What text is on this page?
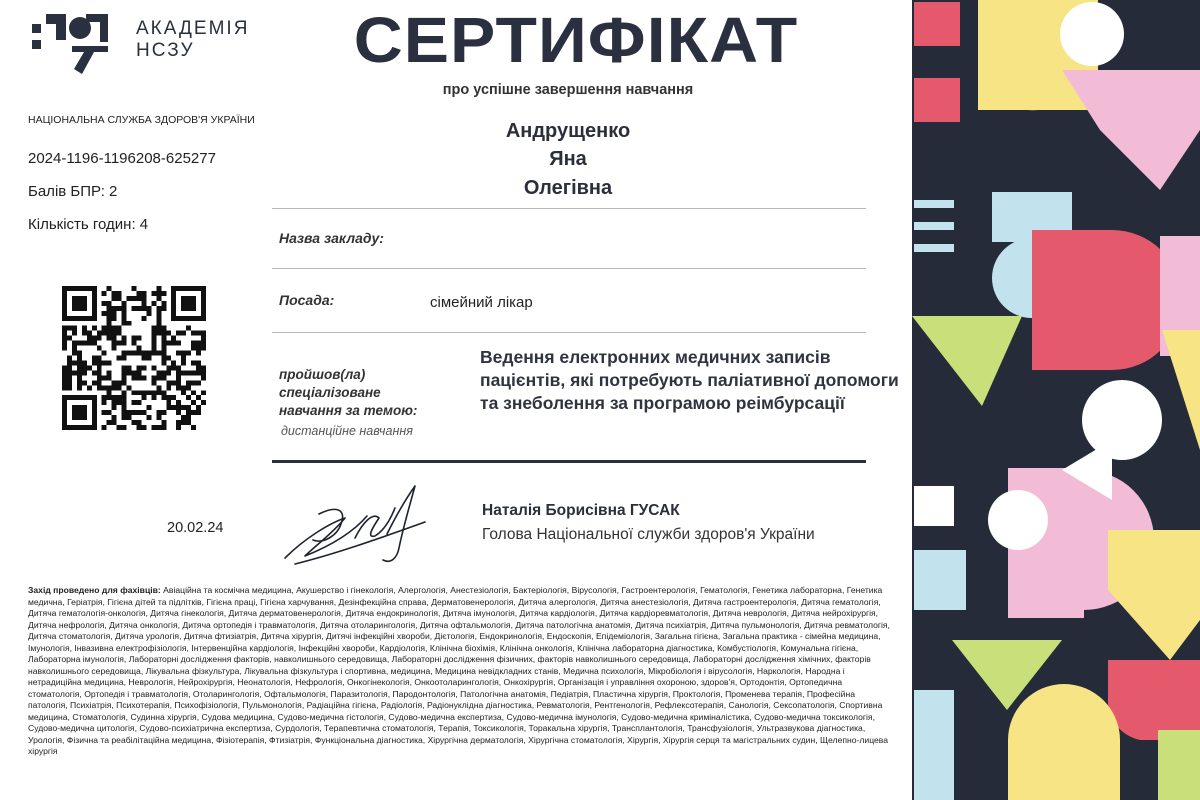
АКАДЕМІЯ
НСЗУ
НАЦІОНАЛЬНА СЛУЖБА ЗДОРОВ'Я УКРАЇНИ
2024-1196-1196208-625277
Балів БПР: 2
Кількість годин: 4
20.02.24
СЕРТИФІКАТ
про успішне завершення навчання
Андрущенко
Яна
Олегівна
Назва закладу:
Посада:	сімейний лікар
пройшов(ла)
спеціалізоване
навчання за темою:
дистанційне навчання
Ведення електронних медичних записів пацієнтів, які потребують паліативної допомоги та знеболення за програмою реімбурсації
Наталія Борисівна ГУСАК
Голова Національної служби здоров'я України
Захід проведено для фахівців: Авіаційна та космічна медицина, Акушерство і гінекологія, Алергологія, Анестезіологія, Бактеріологія, Вірусологія, Гастроентерологія, Гематологія, Генетика лабораторна, Генетика медична, Геріатрія, Гігієна дітей та підлітків, Гігієна праці, Гігієна харчування, Дезінфекційна справа, Дерматовенерологія, Дитяча алергологія, Дитяча анестезіологія, Дитяча гастроентерологія, Дитяча гематологія, Дитяча гематологія-онкологія, Дитяча гінекологія, Дитяча дерматовенерологія, Дитяча ендокринологія, Дитяча імунологія, Дитяча кардіологія, Дитяча кардіоревматологія, Дитяча неврологія, Дитяча нейрохірургія, Дитяча нефрологія, Дитяча онкологія, Дитяча ортопедія і травматологія, Дитяча отоларингологія, Дитяча офтальмологія, Дитяча патологічна анатомія, Дитяча психіатрія, Дитяча пульмонологія, Дитяча ревматологія, Дитяча стоматологія, Дитяча урологія, Дитяча фтизіатрія, Дитяча хірургія, Дитячі інфекційні хвороби, Дієтологія, Ендокринологія, Ендоскопія, Епідеміологія, Загальна гігієна, Загальна практика - сімейна медицина, Імунологія, Інвазивна електрофізіологія, Інтервенційна кардіологія, Інфекційні хвороби, Кардіологія, Клінічна біохімія, Клінічна онкологія, Клінічна лабораторна діагностика, Комбустіологія, Комунальна гігієна, Лабораторна імунологія, Лабораторні дослідження факторів, навколишнього середовища, Лабораторні дослідження фізичних, факторів навколишнього середовища, Лабораторні дослідження хімічних, факторів навколишнього середовища, Лікувальна фізкультура, Лікувальна фізкультура і спортивна, медицина, Медицина невідкладних станів, Медична психологія, Мікробіологія і вірусологія, Наркологія, Народна і нетрадиційна медицина, Неврологія, Нейрохірургія, Неонатологія, Нефрологія, Онкогінекологія, Онкоотоларингологія, Онкохірургія, Організація і управління охороною, здоров'я, Ортодонтія, Ортопедична стоматологія, Ортопедія і травматологія, Отоларингологія, Офтальмологія, Паразитологія, Пародонтологія, Патологічна анатомія, Педіатрія, Пластична хірургія, Проктологія, Променева терапія, Професійна патологія, Психіатрія, Психотерапія, Психофізіологія, Пульмонологія, Радіаційна гігієна, Радіологія, Радіонуклідна діагностика, Ревматологія, Рентгенологія, Рефлексотерапія, Санологія, Сексопатологія, Спортивна медицина, Стоматологія, Судинна хірургія, Судова медицина, Судово-медична гістологія, Судово-медична експертиза, Судово-медична імунологія, Судово-медична криміналістика, Судово-медична токсикологія, Судово-медична цитологія, Судово-психіатрична експертиза, Сурдологія, Терапевтична стоматологія, Терапія, Токсикологія, Торакальна хірургія, Трансплантологія, Трансфузіологія, Ультразвукова діагностика, Урологія, Фізична та реабілітаційна медицина, Фізіотерапія, Фтизіатрія, Функціональна діагностика, Хірургічна дерматологія, Хірургічна стоматологія, Хірургія, Хірургія серця та магістральних судин, Щелепно-лицева хірургія
